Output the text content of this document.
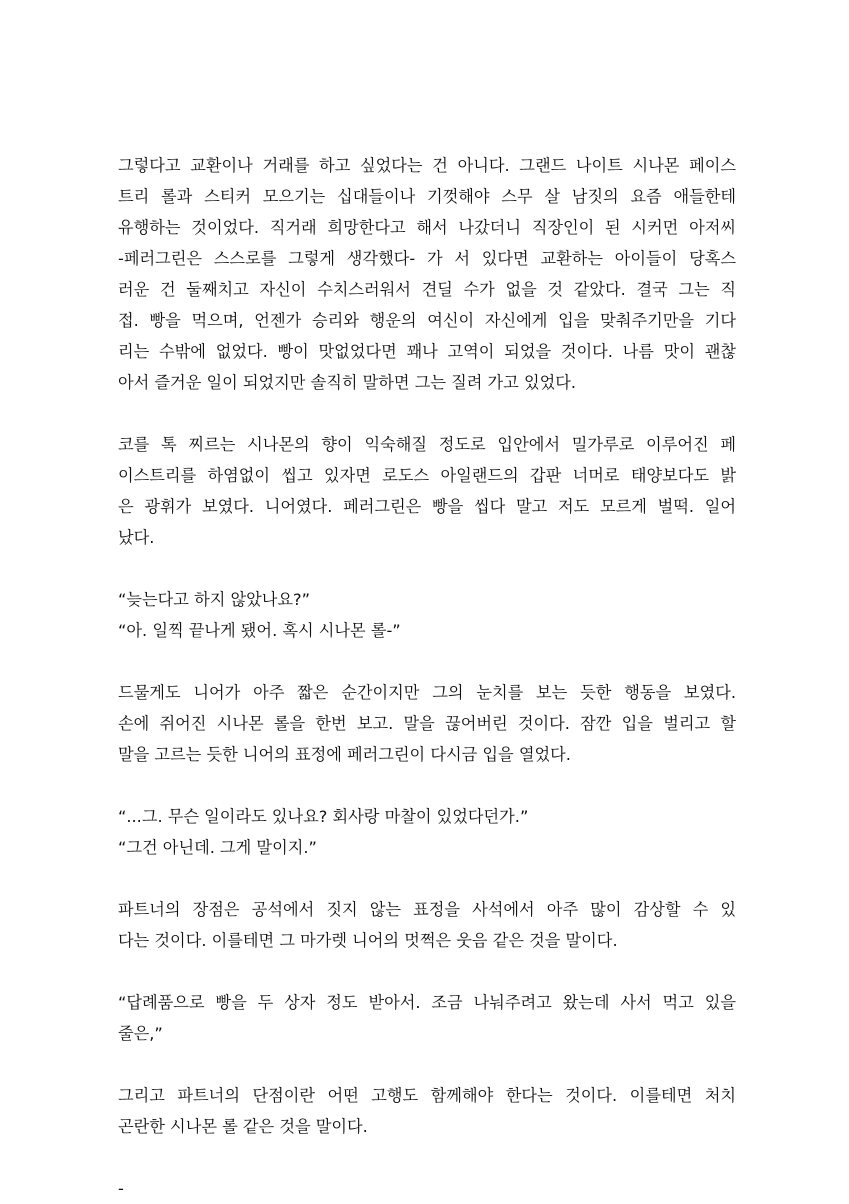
그렇다고 교환이나 거래를 하고 싶었다는 건 아니다. 그랜드 나이트 시나몬 페이스
트리 롤과 스티커 모으기는 십대들이나 기껏해야 스무 살 남짓의 요즘 애들한테
유행하는 것이었다. 직거래 희망한다고 해서 나갔더니 직장인이 된 시커먼 아저씨
-페러그린은 스스로를 그렇게 생각했다- 가 서 있다면 교환하는 아이들이 당혹스
러운 건 둘째치고 자신이 수치스러워서 견딜 수가 없을 것 같았다. 결국 그는 직
접. 빵을 먹으며, 언젠가 승리와 행운의 여신이 자신에게 입을 맞춰주기만을 기다
리는 수밖에 없었다. 빵이 맛없었다면 꽤나 고역이 되었을 것이다. 나름 맛이 괜찮
아서 즐거운 일이 되었지만 솔직히 말하면 그는 질려 가고 있었다.
코를 톡 찌르는 시나몬의 향이 익숙해질 정도로 입안에서 밀가루로 이루어진 페
이스트리를 하염없이 씹고 있자면 로도스 아일랜드의 갑판 너머로 태양보다도 밝
은 광휘가 보였다. 니어였다. 페러그린은 빵을 씹다 말고 저도 모르게 벌떡. 일어
났다.
“늦는다고 하지 않았나요?”
“아. 일찍 끝나게 됐어. 혹시 시나몬 롤-”
드물게도 니어가 아주 짧은 순간이지만 그의 눈치를 보는 듯한 행동을 보였다.
손에 쥐어진 시나몬 롤을 한번 보고. 말을 끊어버린 것이다. 잠깐 입을 벌리고 할
말을 고르는 듯한 니어의 표정에 페러그린이 다시금 입을 열었다.
“...그. 무슨 일이라도 있나요? 회사랑 마찰이 있었다던가.”
“그건 아닌데. 그게 말이지.”
파트너의 장점은 공석에서 짓지 않는 표정을 사석에서 아주 많이 감상할 수 있
다는 것이다. 이를테면 그 마가렛 니어의 멋쩍은 웃음 같은 것을 말이다.
“답례품으로 빵을 두 상자 정도 받아서. 조금 나눠주려고 왔는데 사서 먹고 있을
줄은,”
그리고 파트너의 단점이란 어떤 고행도 함께해야 한다는 것이다. 이를테면 처치
곤란한 시나몬 롤 같은 것을 말이다.
-
